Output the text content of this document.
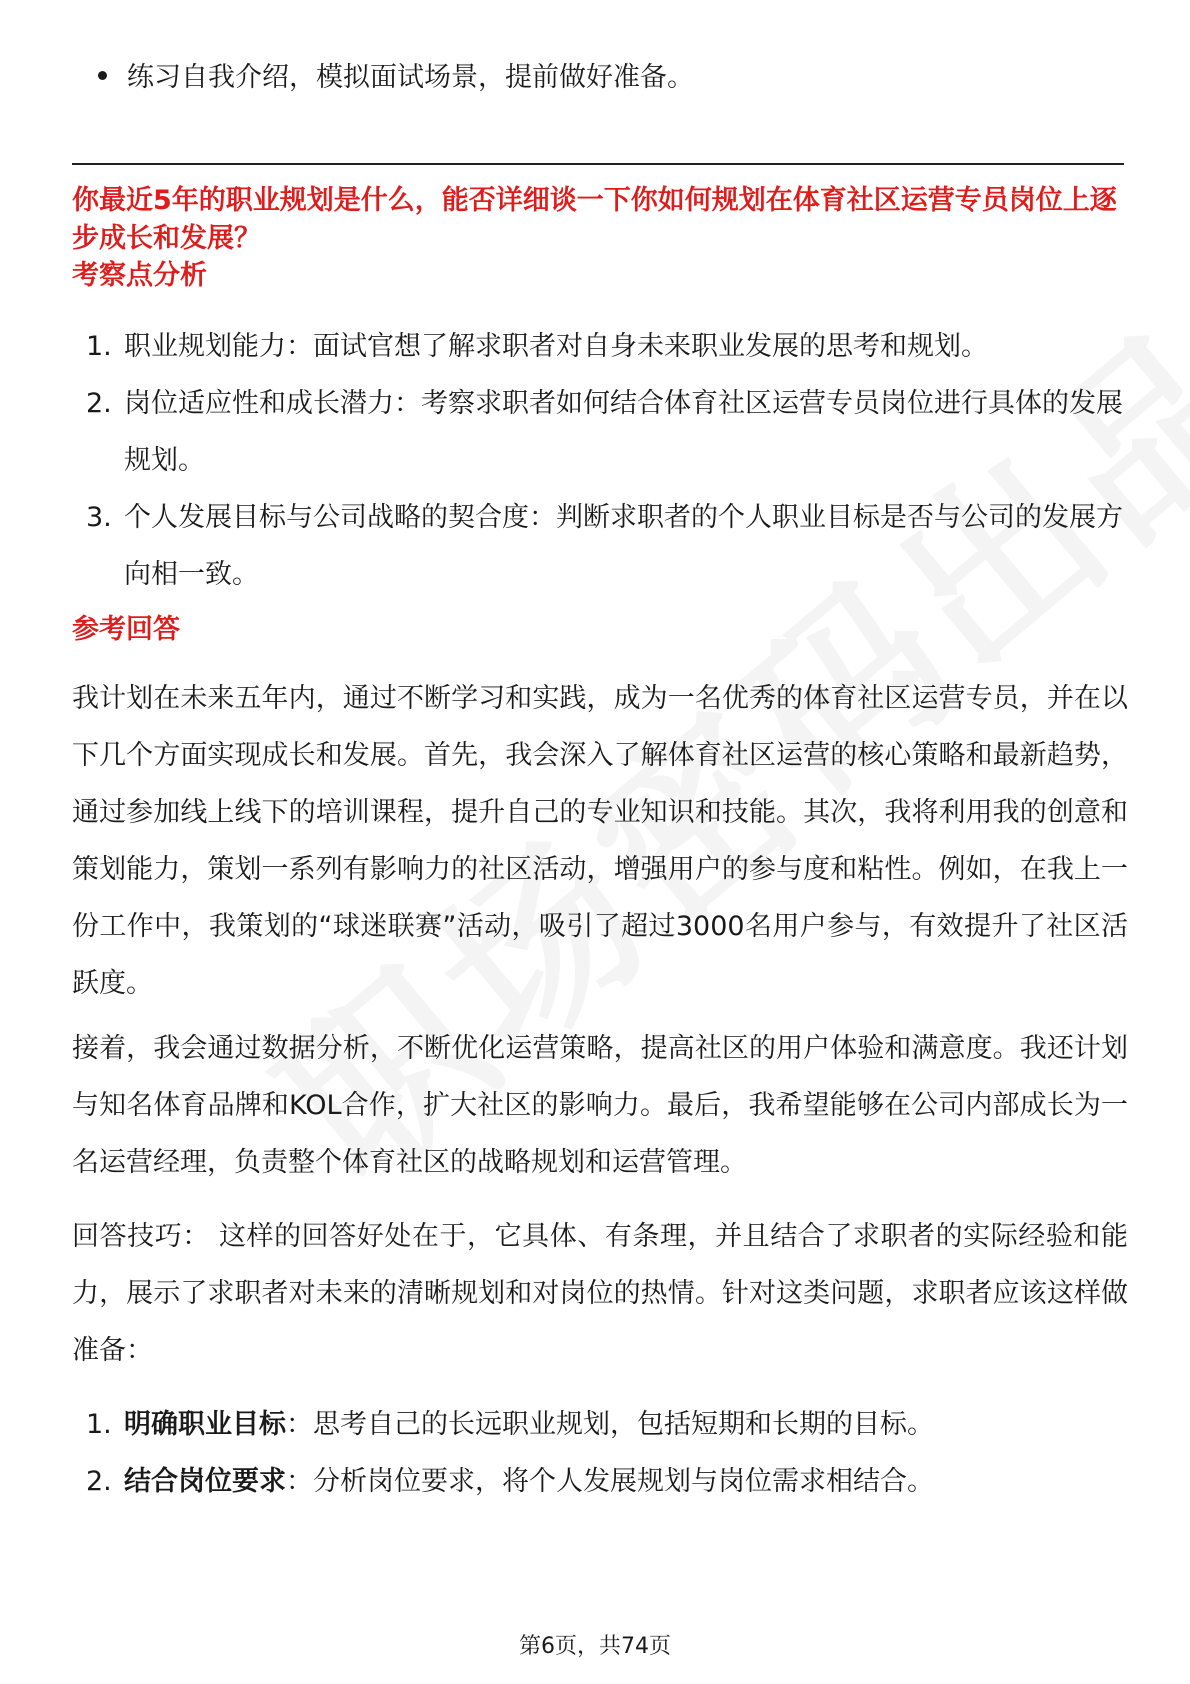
练习自我介绍，模拟面试场景，提前做好准备。
你最近5年的职业规划是什么，能否详细谈一下你如何规划在体育社区运营专员岗位上逐步成长和发展？
考察点分析
1. 职业规划能力：面试官想了解求职者对自身未来职业发展的思考和规划。
2. 岗位适应性和成长潜力：考察求职者如何结合体育社区运营专员岗位进行具体的发展规划。
3. 个人发展目标与公司战略的契合度：判断求职者的个人职业目标是否与公司的发展方向相一致。
参考回答
我计划在未来五年内，通过不断学习和实践，成为一名优秀的体育社区运营专员，并在以下几个方面实现成长和发展。首先，我会深入了解体育社区运营的核心策略和最新趋势，通过参加线上线下的培训课程，提升自己的专业知识和技能。其次，我将利用我的创意和策划能力，策划一系列有影响力的社区活动，增强用户的参与度和粘性。例如，在我上一份工作中，我策划的“球迷联赛”活动，吸引了超过3000名用户参与，有效提升了社区活跃度。
接着，我会通过数据分析，不断优化运营策略，提高社区的用户体验和满意度。我还计划与知名体育品牌和KOL合作，扩大社区的影响力。最后，我希望能够在公司内部成长为一名运营经理，负责整个体育社区的战略规划和运营管理。
回答技巧： 这样的回答好处在于，它具体、有条理，并且结合了求职者的实际经验和能力，展示了求职者对未来的清晰规划和对岗位的热情。针对这类问题，求职者应该这样做准备：
1. 明确职业目标：思考自己的长远职业规划，包括短期和长期的目标。
2. 结合岗位要求：分析岗位要求，将个人发展规划与岗位需求相结合。
第6页，共74页
